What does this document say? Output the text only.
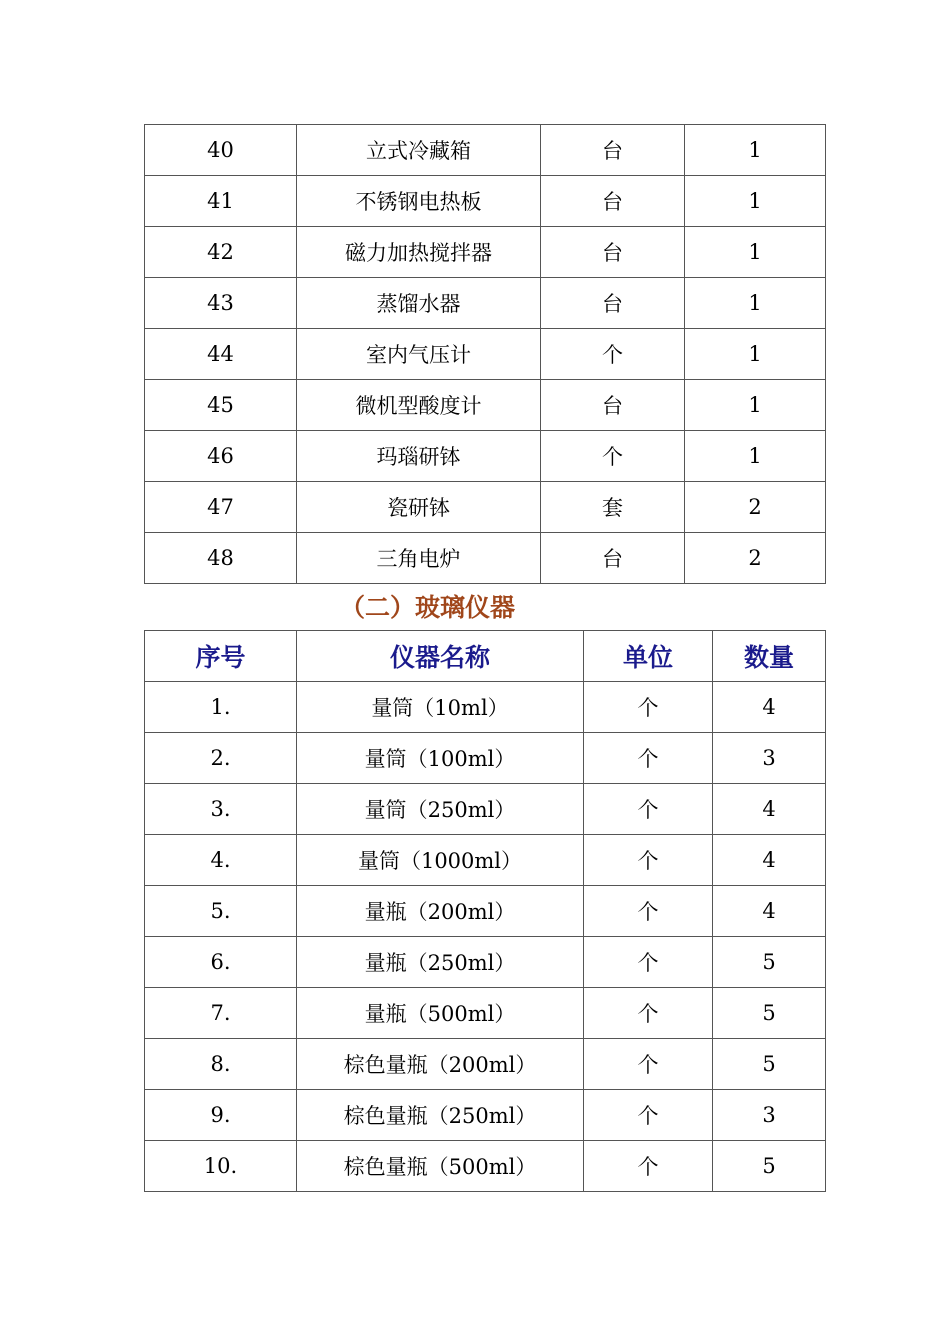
40	立式冷藏箱	台	1
41	不锈钢电热板	台	1
42	磁力加热搅拌器	台	1
43	蒸馏水器	台	1
44	室内气压计	个	1
45	微机型酸度计	台	1
46	玛瑙研钵	个	1
47	瓷研钵	套	2
48	三角电炉	台	2
（二）玻璃仪器
序号	仪器名称	单位	数量
1.	量筒（10ml）	个	4
2.	量筒（100ml）	个	3
3.	量筒（250ml）	个	4
4.	量筒（1000ml）	个	4
5.	量瓶（200ml）	个	4
6.	量瓶（250ml）	个	5
7.	量瓶（500ml）	个	5
8.	棕色量瓶（200ml）	个	5
9.	棕色量瓶（250ml）	个	3
10.	棕色量瓶（500ml）	个	5
